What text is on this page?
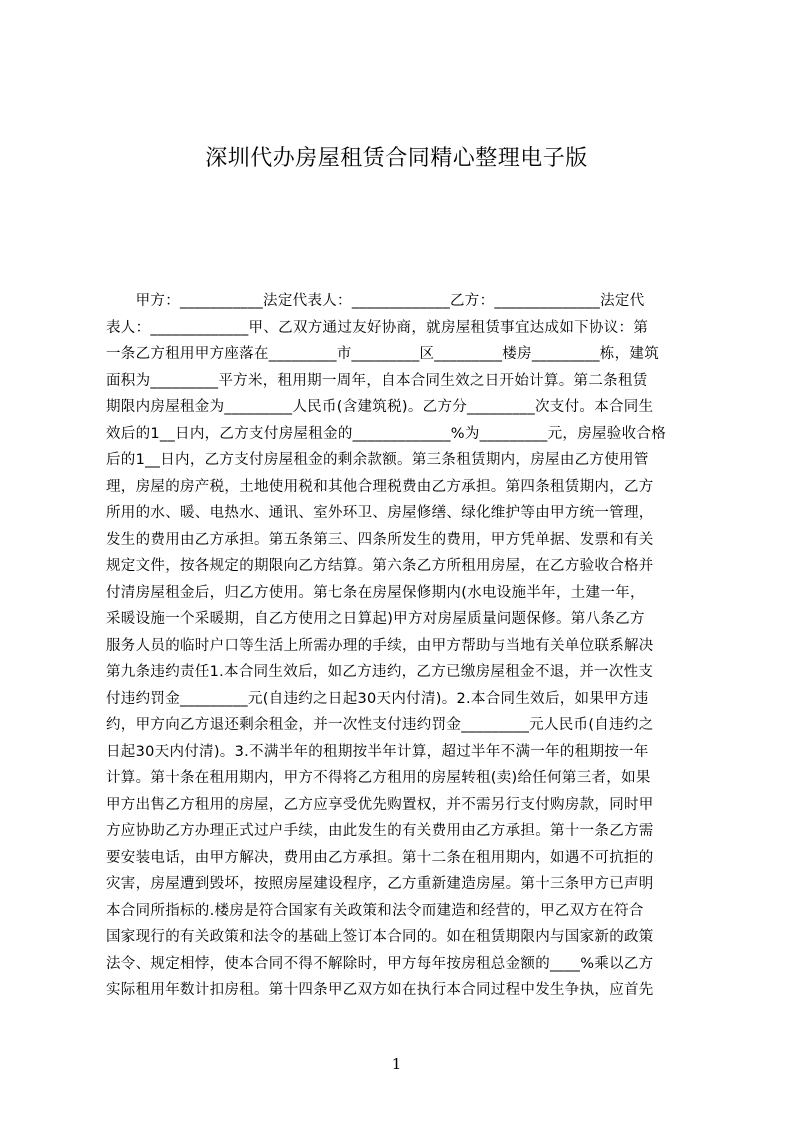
深圳代办房屋租赁合同精心整理电子版
　　甲方：___________法定代表人：_____________乙方：______________法定代
表人：_____________甲、乙双方通过友好协商，就房屋租赁事宜达成如下协议：第
一条乙方租用甲方座落在_________市_________区_________楼房_________栋，建筑
面积为_________平方米，租用期一周年，自本合同生效之日开始计算。第二条租赁
期限内房屋租金为_________人民币(含建筑税)。乙方分_________次支付。本合同生
效后的1__日内，乙方支付房屋租金的_____________%为_________元，房屋验收合格
后的1__日内，乙方支付房屋租金的剩余款额。第三条租赁期内，房屋由乙方使用管
理，房屋的房产税，土地使用税和其他合理税费由乙方承担。第四条租赁期内，乙方
所用的水、暖、电热水、通讯、室外环卫、房屋修缮、绿化维护等由甲方统一管理，
发生的费用由乙方承担。第五条第三、四条所发生的费用，甲方凭单据、发票和有关
规定文件，按各规定的期限向乙方结算。第六条乙方所租用房屋，在乙方验收合格并
付清房屋租金后，归乙方使用。第七条在房屋保修期内(水电设施半年，土建一年，
采暖设施一个采暖期，自乙方使用之日算起)甲方对房屋质量问题保修。第八条乙方
服务人员的临时户口等生活上所需办理的手续，由甲方帮助与当地有关单位联系解决
第九条违约责任1.本合同生效后，如乙方违约，乙方已缴房屋租金不退，并一次性支
付违约罚金_________元(自违约之日起30天内付清)。2.本合同生效后，如果甲方违
约，甲方向乙方退还剩余租金，并一次性支付违约罚金_________元人民币(自违约之
日起30天内付清)。3.不满半年的租期按半年计算，超过半年不满一年的租期按一年
计算。第十条在租用期内，甲方不得将乙方租用的房屋转租(卖)给任何第三者，如果
甲方出售乙方租用的房屋，乙方应享受优先购置权，并不需另行支付购房款，同时甲
方应协助乙方办理正式过户手续，由此发生的有关费用由乙方承担。第十一条乙方需
要安装电话，由甲方解决，费用由乙方承担。第十二条在租用期内，如遇不可抗拒的
灾害，房屋遭到毁坏，按照房屋建设程序，乙方重新建造房屋。第十三条甲方已声明
本合同所指标的.楼房是符合国家有关政策和法令而建造和经营的，甲乙双方在符合
国家现行的有关政策和法令的基础上签订本合同的。如在租赁期限内与国家新的政策
法令、规定相悖，使本合同不得不解除时，甲方每年按房租总金额的____%乘以乙方
实际租用年数计扣房租。第十四条甲乙双方如在执行本合同过程中发生争执，应首先
1
